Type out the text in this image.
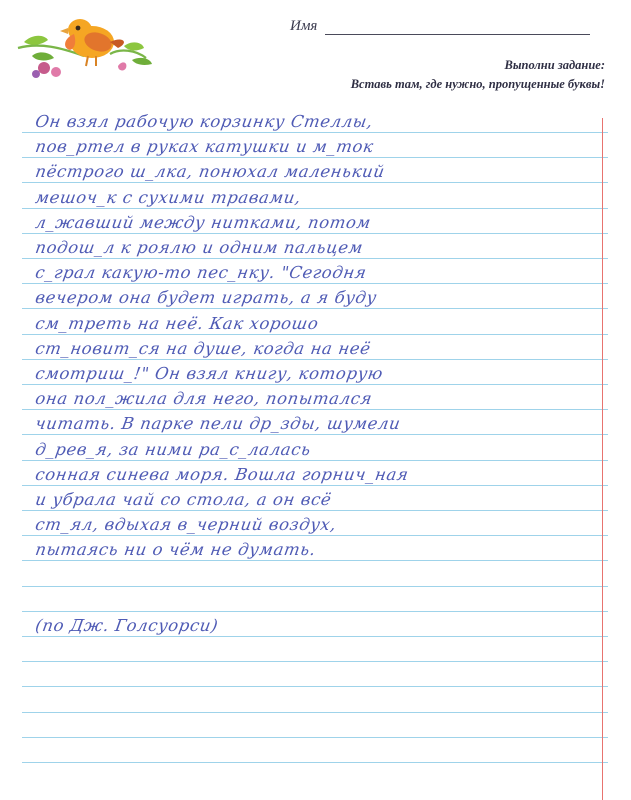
Имя
Выполни задание:
Вставь там, где нужно, пропущенные буквы!
Он взял рабочую корзинку Стеллы,
пов_ртел в руках катушки и м_ток
пёстрого ш_лка, понюхал маленький
мешоч_к с сухими травами,
л_жавший между нитками, потом
подош_л к роялю и одним пальцем
с_грал какую-то пес_нку. "Сегодня
вечером она будет играть, а я буду
см_треть на неё. Как хорошо
ст_новит_ся на душе, когда на неё
смотриш_!" Он взял книгу, которую
она пол_жила для него, попытался
читать. В парке пели др_зды, шумели
д_рев_я, за ними ра_с_лалась
сонная синева моря. Вошла горнич_ная
и убрала чай со стола, а он всё
ст_ял, вдыхая в_черний воздух,
пытаясь ни о чём не думать.
(по Дж. Голсуорси)
